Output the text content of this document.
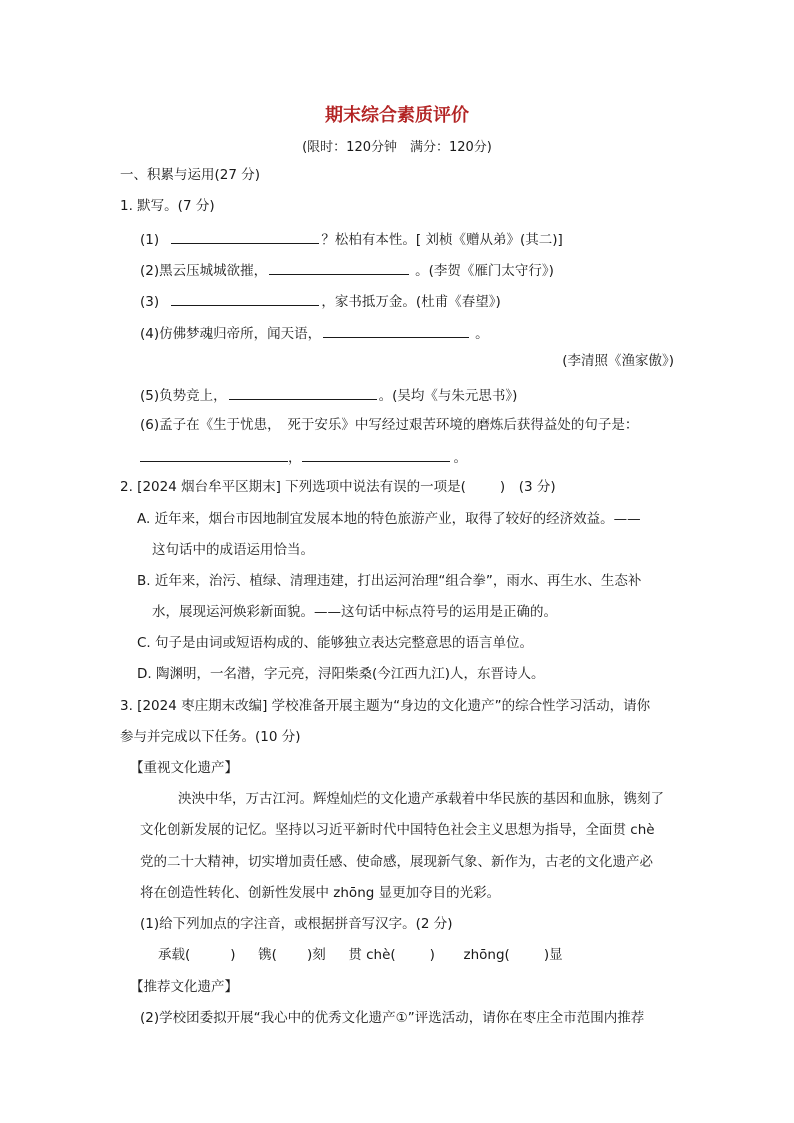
期末综合素质评价
(限时：120分钟　满分：120分)
一、积累与运用(27 分)
1. 默写。(7 分)
(1)	？松柏有本性。[ 刘桢《赠从弟》(其二)]
(2)黑云压城城欲摧，	。(李贺《雁门太守行》)
(3)	，家书抵万金。(杜甫《春望》)
(4)仿佛梦魂归帝所，闻天语，	。
(李清照《渔家傲》)
(5)负势竞上，	。(吴均《与朱元思书》)
(6)孟子在《生于忧患，　死于安乐》中写经过艰苦环境的磨炼后获得益处的句子是：
，	。
2. [2024 烟台牟平区期末] 下列选项中说法有误的一项是(	)　(3 分)
A. 近年来，烟台市因地制宜发展本地的特色旅游产业，取得了较好的经济效益。——
这句话中的成语运用恰当。
B. 近年来，治污、植绿、清理违建，打出运河治理“组合拳”，雨水、再生水、生态补
水，展现运河焕彩新面貌。——这句话中标点符号的运用是正确的。
C. 句子是由词或短语构成的、能够独立表达完整意思的语言单位。
D. 陶渊明，一名潜，字元亮，浔阳柴桑(今江西九江)人，东晋诗人。
3. [2024 枣庄期末改编] 学校准备开展主题为“身边的文化遗产”的综合性学习活动，请你
参与并完成以下任务。(10 分)
【重视文化遗产】
泱泱中华，万古江河。辉煌灿烂的文化遗产承载着中华民族的基因和血脉，镌刻了
文化创新发展的记忆。坚持以习近平新时代中国特色社会主义思想为指导，全面贯 chè
党的二十大精神，切实增加责任感、使命感，展现新气象、新作为，古老的文化遗产必
将在创造性转化、创新性发展中 zhōng 显更加夺目的光彩。
(1)给下列加点的字注音，或根据拼音写汉字。(2 分)
承载(	) 镌( )刻 贯 chè(	) zhōng(	)显
【推荐文化遗产】
(2)学校团委拟开展“我心中的优秀文化遗产①”评选活动，请你在枣庄全市范围内推荐
